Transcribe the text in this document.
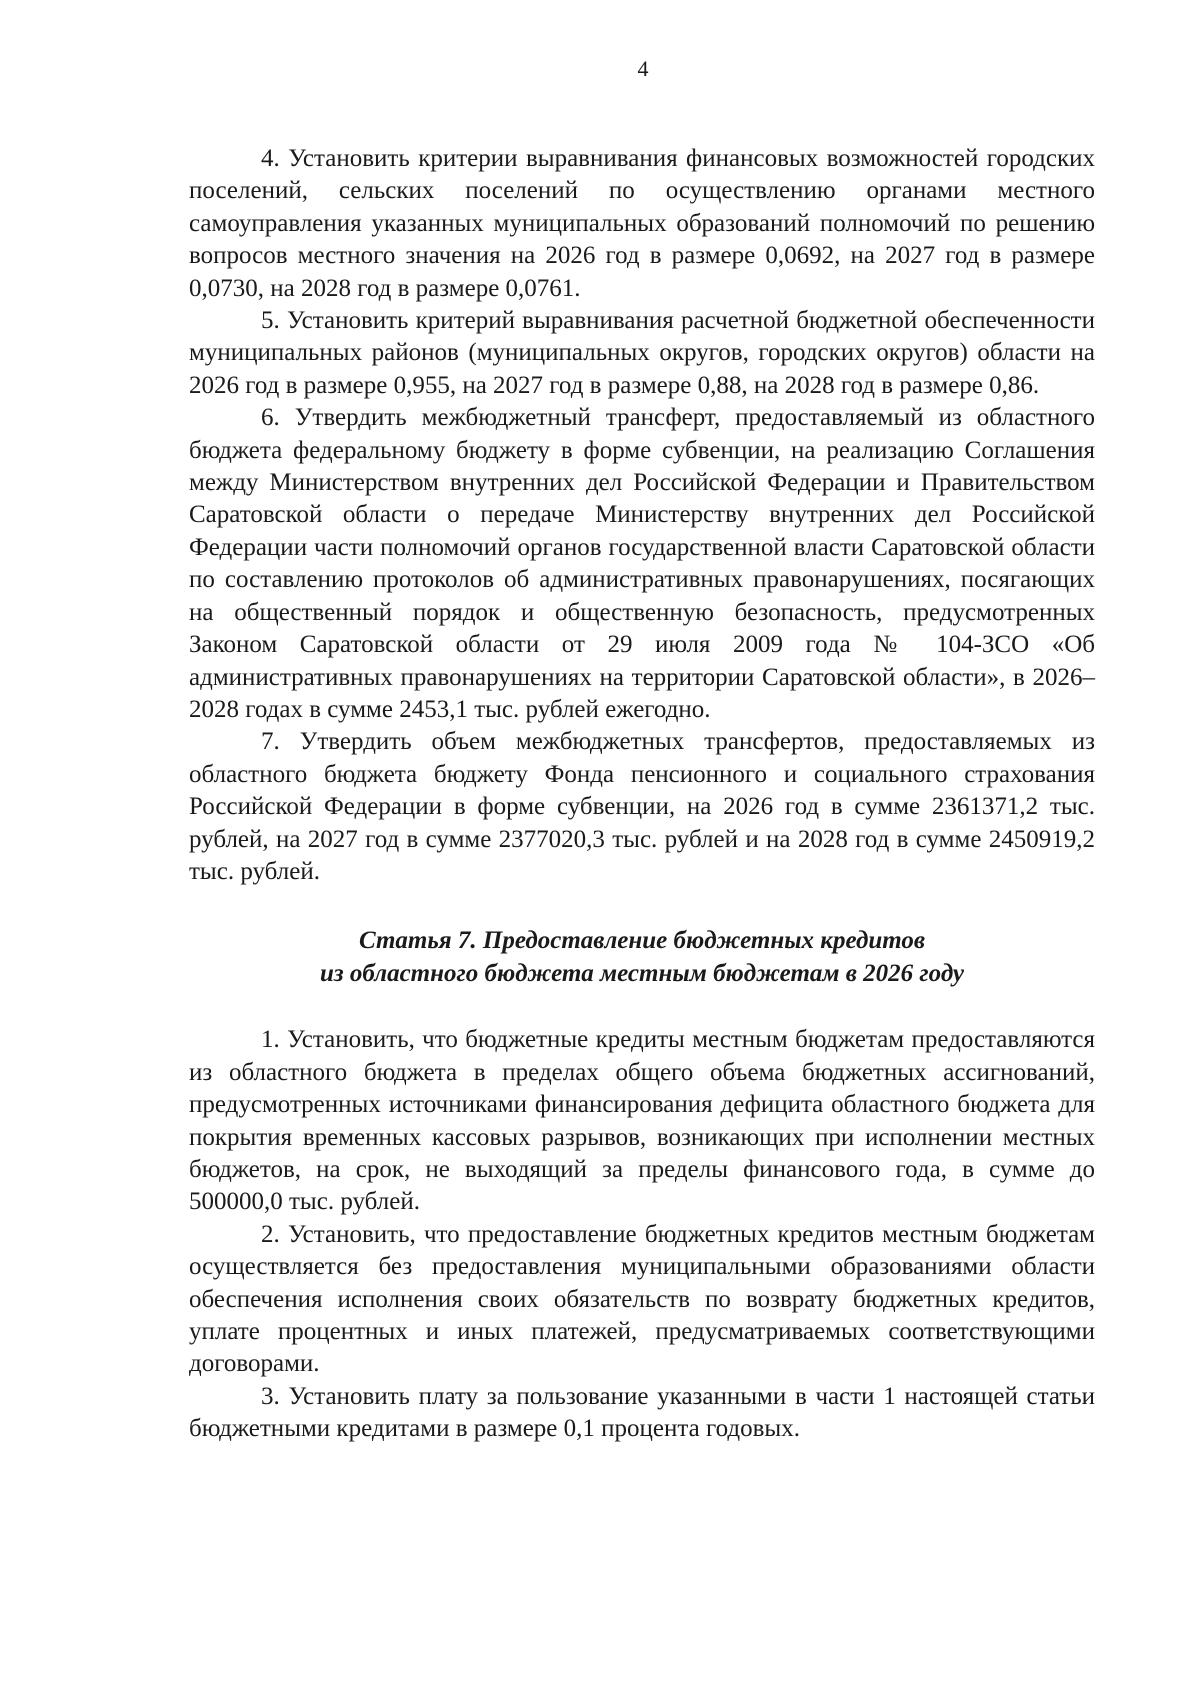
4

4. Установить критерии выравнивания финансовых возможностей городских поселений, сельских поселений по осуществлению органами местного самоуправления указанных муниципальных образований полномочий по решению вопросов местного значения на 2026 год в размере 0,0692, на 2027 год в размере 0,0730, на 2028 год в размере 0,0761.

5. Установить критерий выравнивания расчетной бюджетной обеспеченности муниципальных районов (муниципальных округов, городских округов) области на 2026 год в размере 0,955, на 2027 год в размере 0,88, на 2028 год в размере 0,86.

6. Утвердить межбюджетный трансферт, предоставляемый из областного бюджета федеральному бюджету в форме субвенции, на реализацию Соглашения между Министерством внутренних дел Российской Федерации и Правительством Саратовской области о передаче Министерству внутренних дел Российской Федерации части полномочий органов государственной власти Саратовской области по составлению протоколов об административных правонарушениях, посягающих на общественный порядок и общественную безопасность, предусмотренных Законом Саратовской области от 29 июля 2009 года № 104-ЗСО «Об административных правонарушениях на территории Саратовской области», в 2026–2028 годах в сумме 2453,1 тыс. рублей ежегодно.

7. Утвердить объем межбюджетных трансфертов, предоставляемых из областного бюджета бюджету Фонда пенсионного и социального страхования Российской Федерации в форме субвенции, на 2026 год в сумме 2361371,2 тыс. рублей, на 2027 год в сумме 2377020,3 тыс. рублей и на 2028 год в сумме 2450919,2 тыс. рублей.

Статья 7. Предоставление бюджетных кредитов
из областного бюджета местным бюджетам в 2026 году

1. Установить, что бюджетные кредиты местным бюджетам предоставляются из областного бюджета в пределах общего объема бюджетных ассигнований, предусмотренных источниками финансирования дефицита областного бюджета для покрытия временных кассовых разрывов, возникающих при исполнении местных бюджетов, на срок, не выходящий за пределы финансового года, в сумме до 500000,0 тыс. рублей.

2. Установить, что предоставление бюджетных кредитов местным бюджетам осуществляется без предоставления муниципальными образованиями области обеспечения исполнения своих обязательств по возврату бюджетных кредитов, уплате процентных и иных платежей, предусматриваемых соответствующими договорами.

3. Установить плату за пользование указанными в части 1 настоящей статьи бюджетными кредитами в размере 0,1 процента годовых.
